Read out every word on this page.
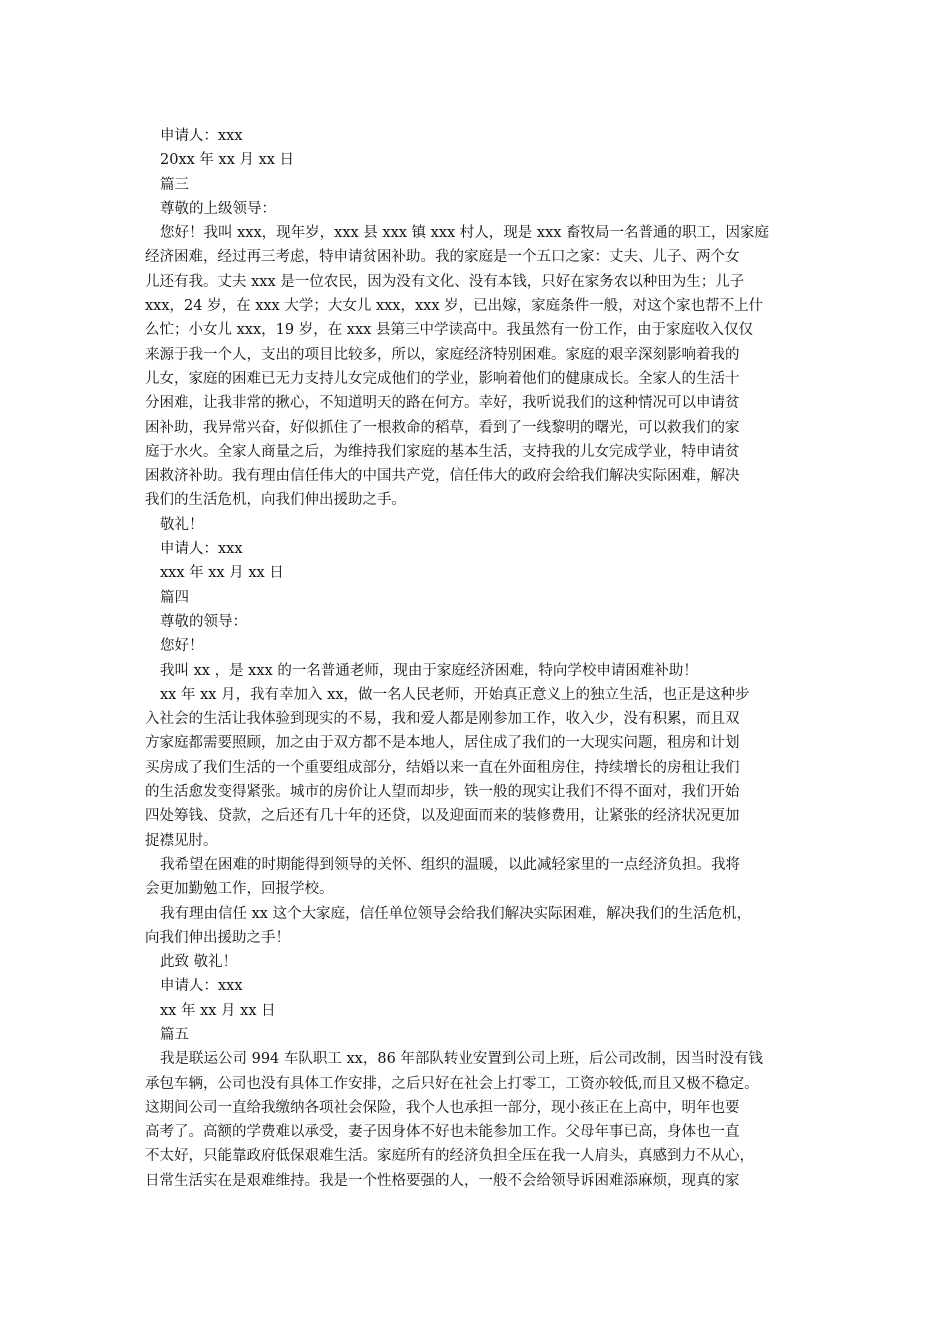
申请人：xxx
20xx 年 xx 月 xx 日
篇三
尊敬的上级领导：
您好！我叫 xxx，现年岁，xxx 县 xxx 镇 xxx 村人，现是 xxx 畜牧局一名普通的职工，因家庭
经济困难，经过再三考虑，特申请贫困补助。我的家庭是一个五口之家：丈夫、儿子、两个女
儿还有我。丈夫 xxx 是一位农民，因为没有文化、没有本钱，只好在家务农以种田为生；儿子
xxx，24 岁，在 xxx 大学；大女儿 xxx，xxx 岁，已出嫁，家庭条件一般，对这个家也帮不上什
么忙；小女儿 xxx，19 岁，在 xxx 县第三中学读高中。我虽然有一份工作，由于家庭收入仅仅
来源于我一个人，支出的项目比较多，所以，家庭经济特别困难。家庭的艰辛深刻影响着我的
儿女，家庭的困难已无力支持儿女完成他们的学业，影响着他们的健康成长。全家人的生活十
分困难，让我非常的揪心，不知道明天的路在何方。幸好，我听说我们的这种情况可以申请贫
困补助，我异常兴奋，好似抓住了一根救命的稻草，看到了一线黎明的曙光，可以救我们的家
庭于水火。全家人商量之后，为维持我们家庭的基本生活，支持我的儿女完成学业，特申请贫
困救济补助。我有理由信任伟大的中国共产党，信任伟大的政府会给我们解决实际困难，解决
我们的生活危机，向我们伸出援助之手。
敬礼！
申请人：xxx
xxx 年 xx 月 xx 日
篇四
尊敬的领导：
您好！
我叫 xx ，是 xxx 的一名普通老师，现由于家庭经济困难，特向学校申请困难补助！
xx 年 xx 月，我有幸加入 xx，做一名人民老师，开始真正意义上的独立生活，也正是这种步
入社会的生活让我体验到现实的不易，我和爱人都是刚参加工作，收入少，没有积累，而且双
方家庭都需要照顾，加之由于双方都不是本地人，居住成了我们的一大现实问题，租房和计划
买房成了我们生活的一个重要组成部分，结婚以来一直在外面租房住，持续增长的房租让我们
的生活愈发变得紧张。城市的房价让人望而却步，铁一般的现实让我们不得不面对，我们开始
四处筹钱、贷款，之后还有几十年的还贷，以及迎面而来的装修费用，让紧张的经济状况更加
捉襟见肘。
我希望在困难的时期能得到领导的关怀、组织的温暖，以此减轻家里的一点经济负担。我将
会更加勤勉工作，回报学校。
我有理由信任 xx 这个大家庭，信任单位领导会给我们解决实际困难，解决我们的生活危机，
向我们伸出援助之手！
此致 敬礼！
申请人：xxx
xx 年 xx 月 xx 日
篇五
我是联运公司 994 车队职工 xx，86 年部队转业安置到公司上班，后公司改制，因当时没有钱
承包车辆，公司也没有具体工作安排，之后只好在社会上打零工，工资亦较低,而且又极不稳定。
这期间公司一直给我缴纳各项社会保险，我个人也承担一部分，现小孩正在上高中，明年也要
高考了。高额的学费难以承受，妻子因身体不好也未能参加工作。父母年事已高，身体也一直
不太好，只能靠政府低保艰难生活。家庭所有的经济负担全压在我一人肩头，真感到力不从心，
日常生活实在是艰难维持。我是一个性格要强的人，一般不会给领导诉困难添麻烦，现真的家
